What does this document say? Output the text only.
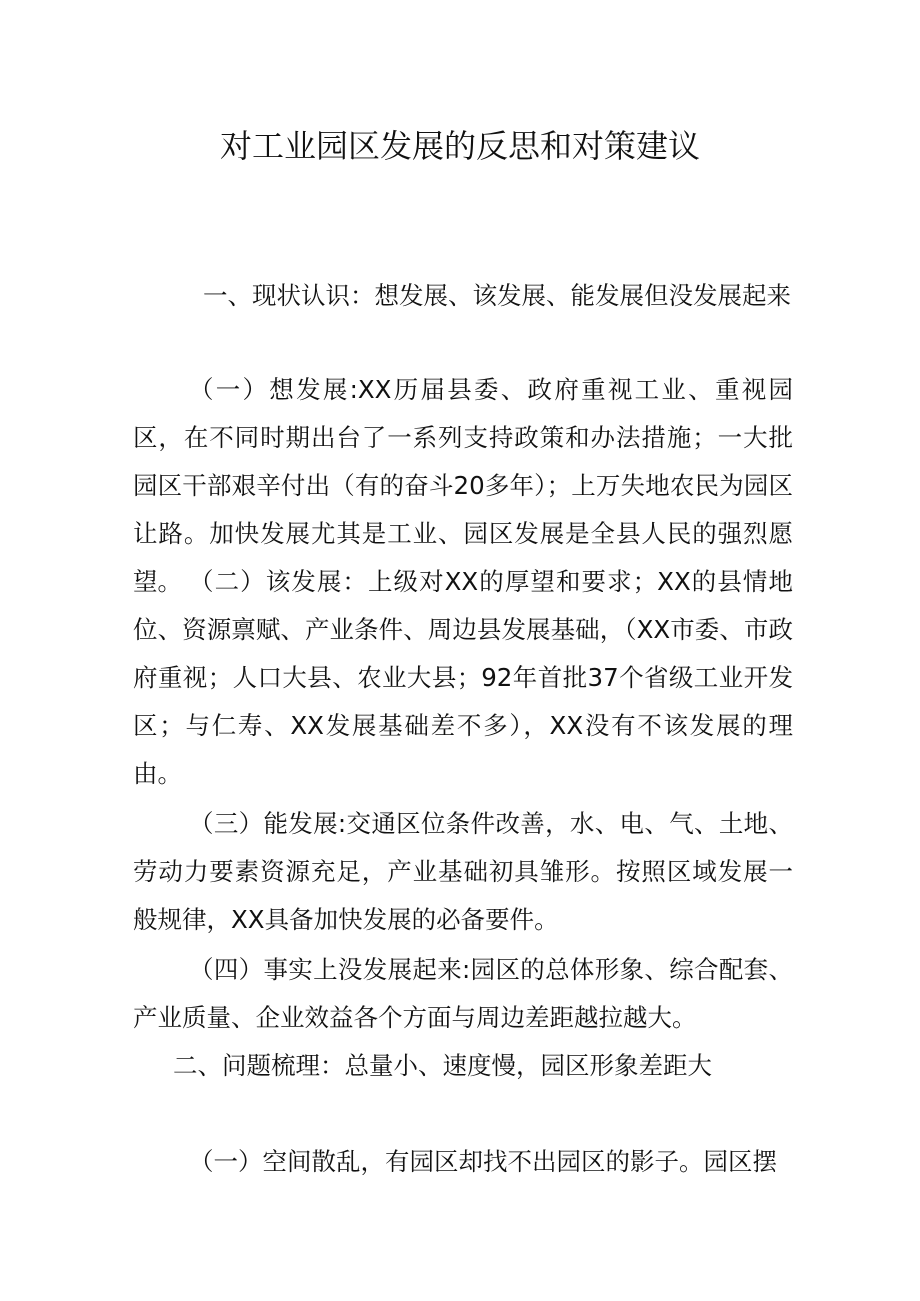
对工业园区发展的反思和对策建议
一、现状认识：想发展、该发展、能发展但没发展起来
（一）想发展:XX历届县委、政府重视工业、重视园区，在不同时期出台了一系列支持政策和办法措施；一大批园区干部艰辛付出（有的奋斗20多年）；上万失地农民为园区让路。加快发展尤其是工业、园区发展是全县人民的强烈愿望。 （二）该发展：上级对XX的厚望和要求；XX的县情地位、资源禀赋、产业条件、周边县发展基础，（XX市委、市政府重视；人口大县、农业大县；92年首批37个省级工业开发区；与仁寿、XX发展基础差不多），XX没有不该发展的理由。
（三）能发展:交通区位条件改善，水、电、气、土地、劳动力要素资源充足，产业基础初具雏形。按照区域发展一般规律，XX具备加快发展的必备要件。
（四）事实上没发展起来:园区的总体形象、综合配套、产业质量、企业效益各个方面与周边差距越拉越大。
二、问题梳理：总量小、速度慢，园区形象差距大
（一）空间散乱，有园区却找不出园区的影子。园区摆
